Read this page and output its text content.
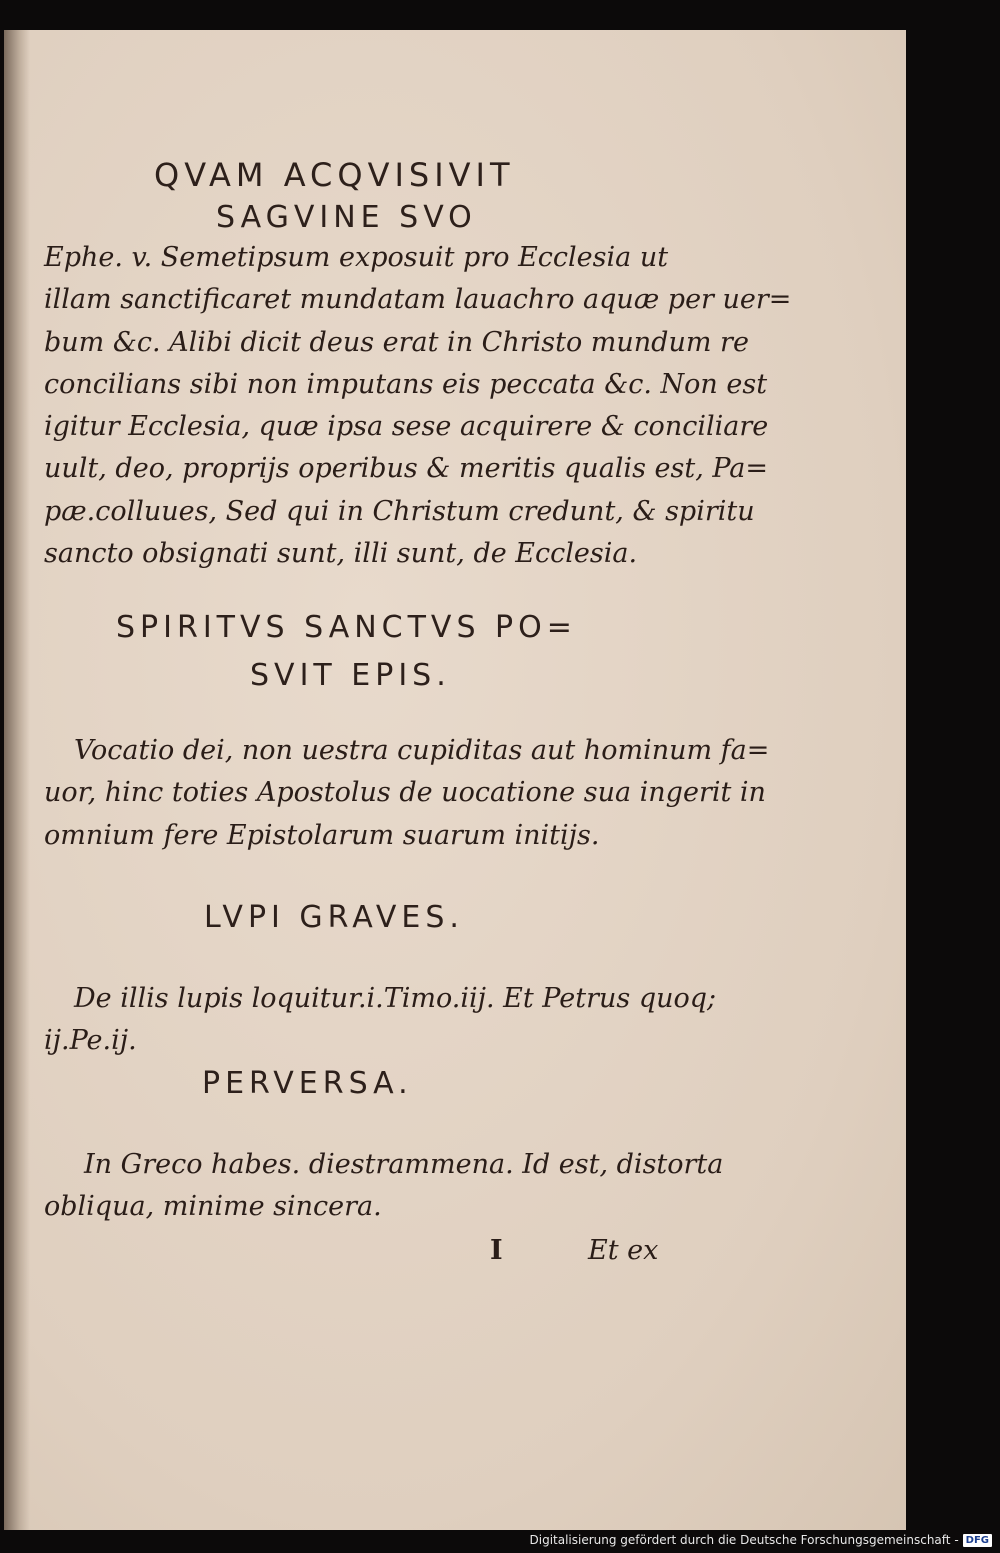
QVAM ACQVISIVIT
SAGVINE SVO
Ephe. v. Semetipsum exposuit pro Ecclesia ut
illam sanctificaret mundatam lauachro aquæ per uer=
bum &c. Alibi dicit deus erat in Christo mundum re
concilians sibi non imputans eis peccata &c. Non est
igitur Ecclesia, quæ ipsa sese acquirere & conciliare
uult, deo, proprijs operibus & meritis qualis est, Pa=
pæ.colluues, Sed qui in Christum credunt, & spiritu
sancto obsignati sunt, illi sunt, de Ecclesia.
SPIRITVS SANCTVS PO=
SVIT EPIS.
Vocatio dei, non uestra cupiditas aut hominum fa=
uor, hinc toties Apostolus de uocatione sua ingerit in
omnium fere Epistolarum suarum initijs.
LVPI GRAVES.
De illis lupis loquitur.i.Timo.iij. Et Petrus quoq;
ij.Pe.ij.
PERVERSA.
In Greco habes. diestrammena. Id est, distorta
obliqua, minime sincera.
I	Et ex
Digitalisierung gefördert durch die Deutsche Forschungsgemeinschaft - DFG
